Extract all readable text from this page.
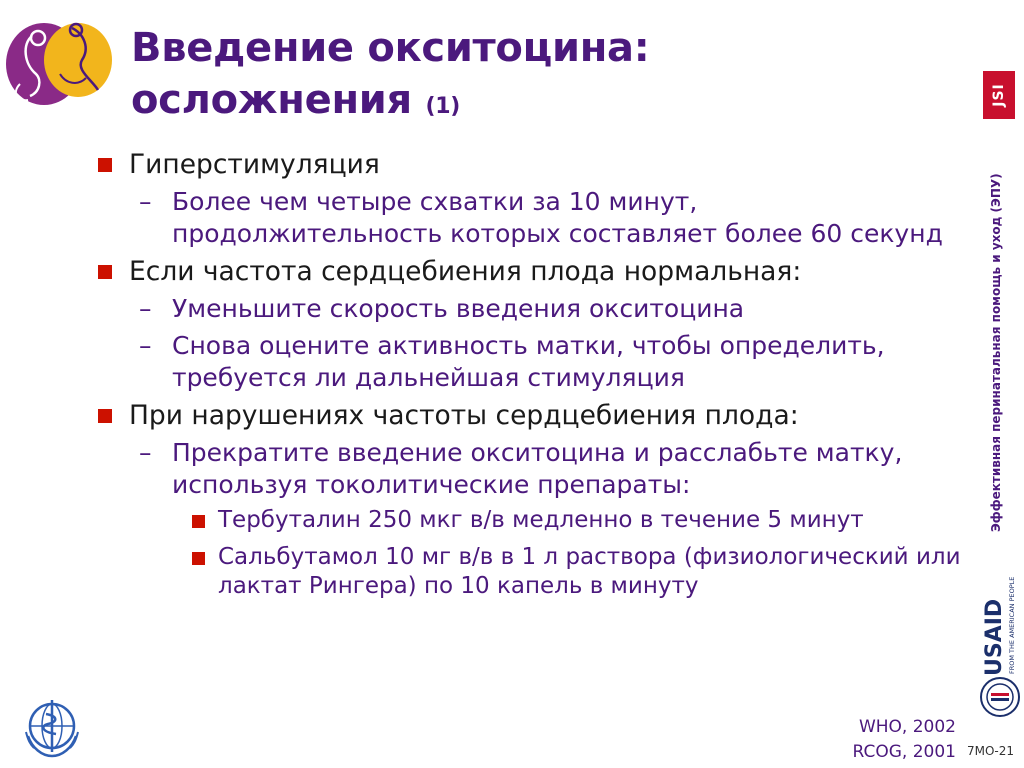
Введение окситоцина:
осложнения (1)
Гиперстимуляция
– Более чем четыре схватки за 10 минут, продолжительность которых составляет более 60 секунд
Если частота сердцебиения плода нормальная:
– Уменьшите скорость введения окситоцина
– Снова оцените активность матки, чтобы определить, требуется ли дальнейшая стимуляция
При нарушениях частоты сердцебиения плода:
– Прекратите введение окситоцина и расслабьте матку, используя токолитические препараты:
Тербуталин 250 мкг в/в медленно в течение 5 минут
Сальбутамол 10 мг в/в в 1 л раствора (физиологический или лактат Рингера) по 10 капель в минуту
JSI
Эффективная перинатальная помощь и уход (ЭПУ)
USAID FROM THE AMERICAN PEOPLE
WHO, 2002
RCOG, 2001 7МО-21
